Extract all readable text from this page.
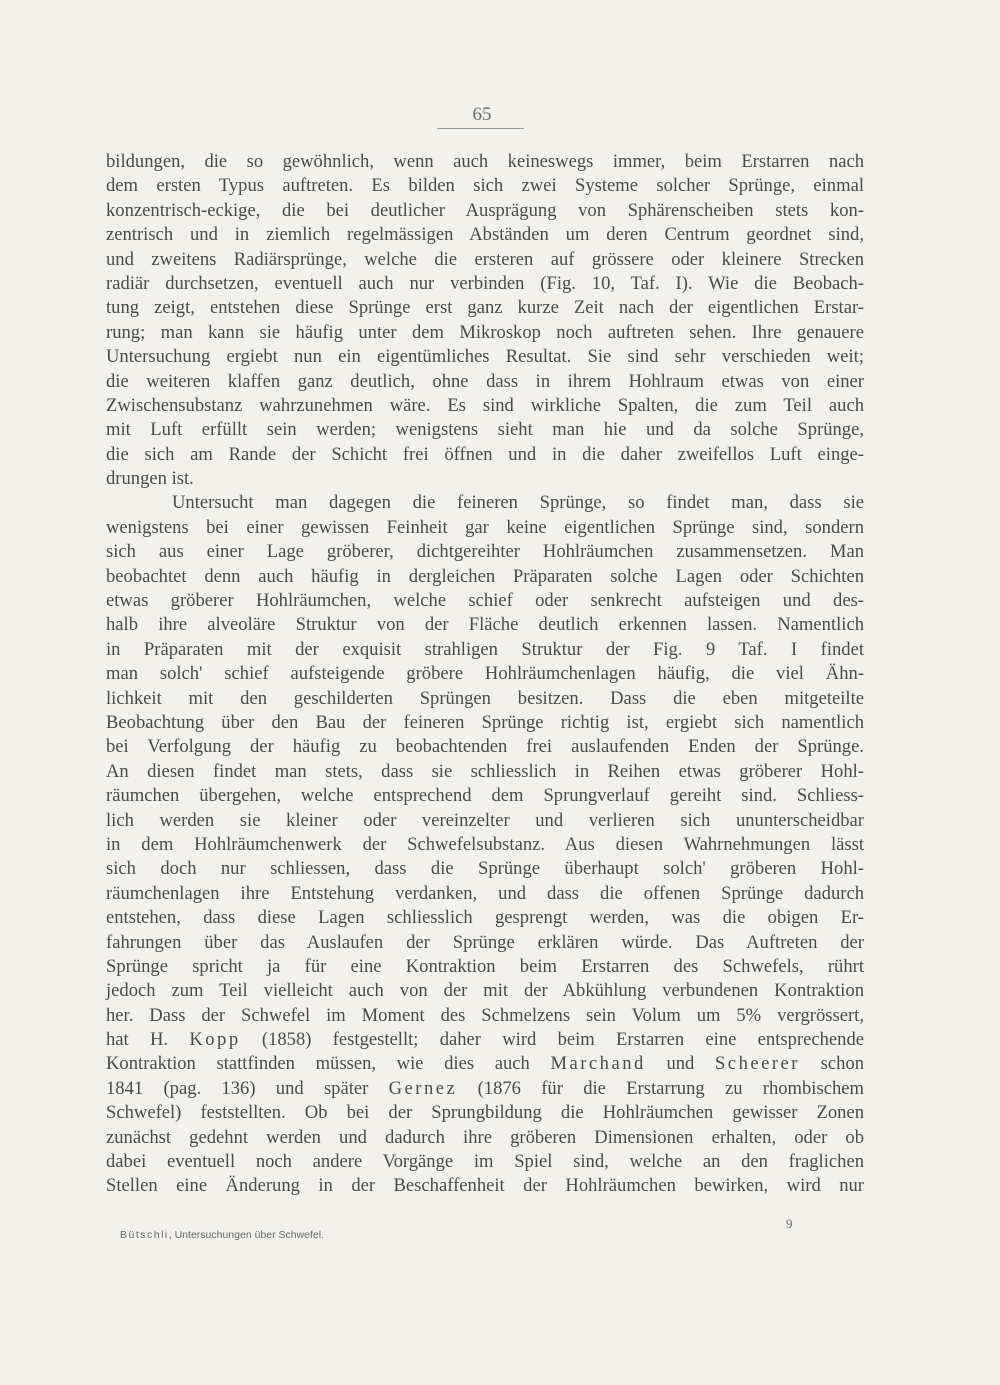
65
bildungen, die so gewöhnlich, wenn auch keineswegs immer, beim Erstarren nach
dem ersten Typus auftreten. Es bilden sich zwei Systeme solcher Sprünge, einmal
konzentrisch-eckige, die bei deutlicher Ausprägung von Sphärenscheiben stets kon-
zentrisch und in ziemlich regelmässigen Abständen um deren Centrum geordnet sind,
und zweitens Radiärsprünge, welche die ersteren auf grössere oder kleinere Strecken
radiär durchsetzen, eventuell auch nur verbinden (Fig. 10, Taf. I). Wie die Beobach-
tung zeigt, entstehen diese Sprünge erst ganz kurze Zeit nach der eigentlichen Erstar-
rung; man kann sie häufig unter dem Mikroskop noch auftreten sehen. Ihre genauere
Untersuchung ergiebt nun ein eigentümliches Resultat. Sie sind sehr verschieden weit;
die weiteren klaffen ganz deutlich, ohne dass in ihrem Hohlraum etwas von einer
Zwischensubstanz wahrzunehmen wäre. Es sind wirkliche Spalten, die zum Teil auch
mit Luft erfüllt sein werden; wenigstens sieht man hie und da solche Sprünge,
die sich am Rande der Schicht frei öffnen und in die daher zweifellos Luft einge-
drungen ist.
Untersucht man dagegen die feineren Sprünge, so findet man, dass sie
wenigstens bei einer gewissen Feinheit gar keine eigentlichen Sprünge sind, sondern
sich aus einer Lage gröberer, dichtgereihter Hohlräumchen zusammensetzen. Man
beobachtet denn auch häufig in dergleichen Präparaten solche Lagen oder Schichten
etwas gröberer Hohlräumchen, welche schief oder senkrecht aufsteigen und des-
halb ihre alveoläre Struktur von der Fläche deutlich erkennen lassen. Namentlich
in Präparaten mit der exquisit strahligen Struktur der Fig. 9 Taf. I findet
man solch' schief aufsteigende gröbere Hohlräumchenlagen häufig, die viel Ähn-
lichkeit mit den geschilderten Sprüngen besitzen. Dass die eben mitgeteilte
Beobachtung über den Bau der feineren Sprünge richtig ist, ergiebt sich namentlich
bei Verfolgung der häufig zu beobachtenden frei auslaufenden Enden der Sprünge.
An diesen findet man stets, dass sie schliesslich in Reihen etwas gröberer Hohl-
räumchen übergehen, welche entsprechend dem Sprungverlauf gereiht sind. Schliess-
lich werden sie kleiner oder vereinzelter und verlieren sich ununterscheidbar
in dem Hohlräumchenwerk der Schwefelsubstanz. Aus diesen Wahrnehmungen lässt
sich doch nur schliessen, dass die Sprünge überhaupt solch' gröberen Hohl-
räumchenlagen ihre Entstehung verdanken, und dass die offenen Sprünge dadurch
entstehen, dass diese Lagen schliesslich gesprengt werden, was die obigen Er-
fahrungen über das Auslaufen der Sprünge erklären würde. Das Auftreten der
Sprünge spricht ja für eine Kontraktion beim Erstarren des Schwefels, rührt
jedoch zum Teil vielleicht auch von der mit der Abkühlung verbundenen Kontraktion
her. Dass der Schwefel im Moment des Schmelzens sein Volum um 5% vergrössert,
hat H. Kopp (1858) festgestellt; daher wird beim Erstarren eine entsprechende
Kontraktion stattfinden müssen, wie dies auch Marchand und Scheerer schon
1841 (pag. 136) und später Gernez (1876 für die Erstarrung zu rhombischem
Schwefel) feststellten. Ob bei der Sprungbildung die Hohlräumchen gewisser Zonen
zunächst gedehnt werden und dadurch ihre gröberen Dimensionen erhalten, oder ob
dabei eventuell noch andere Vorgänge im Spiel sind, welche an den fraglichen
Stellen eine Änderung in der Beschaffenheit der Hohlräumchen bewirken, wird nur
Bütschli, Untersuchungen über Schwefel.
9
